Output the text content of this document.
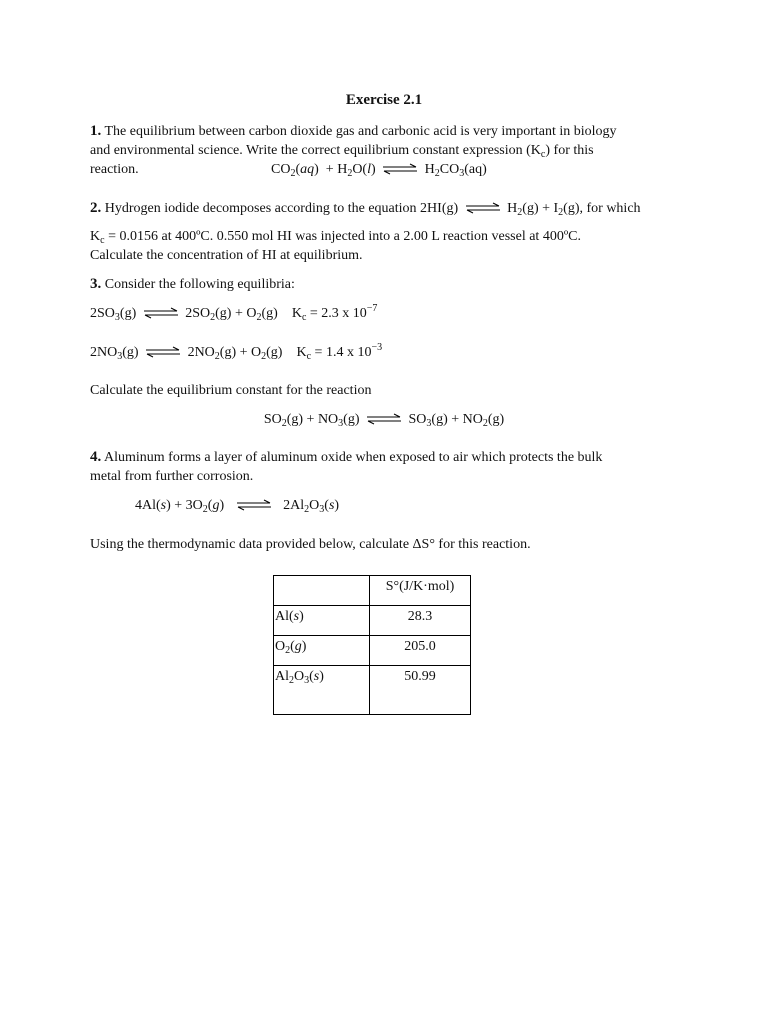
Exercise 2.1
1. The equilibrium between carbon dioxide gas and carbonic acid is very important in biology
and environmental science. Write the correct equilibrium constant expression $(K_c)$ for this
reaction.	$CO_2(aq) + H_2O(l)$ ⇌ $H_2CO_3(aq)$
2. Hydrogen iodide decomposes according to the equation 2HI(g) ⇌ $H_2(g) + I_2(g)$, for which
$K_c = 0.0156$ at 400ºC. 0.550 mol HI was injected into a 2.00 L reaction vessel at 400ºC.
Calculate the concentration of HI at equilibrium.
3. Consider the following equilibria:
$2SO_3(g)$ ⇌ $2SO_2(g) + O_2(g) K_c = 2.3$ x $10^{-7}$
$2NO_3(g)$ ⇌ $2NO_2(g) + O_2(g) K_c = 1.4$ x $10^{-3}$
Calculate the equilibrium constant for the reaction
$SO_2(g) + NO_3(g)$ ⇌ $SO_3(g) + NO_2(g)$
4. Aluminum forms a layer of aluminum oxide when exposed to air which protects the bulk
metal from further corrosion.
$4Al(s) + 3O_2(g)$ ⇌ $2Al_2O_3(s)$
Using the thermodynamic data provided below, calculate ΔS° for this reaction.
	S°(J/K·mol)
Al(s)	28.3
$O_2(g)$	205.0
$Al_2O_3(s)$	50.99
